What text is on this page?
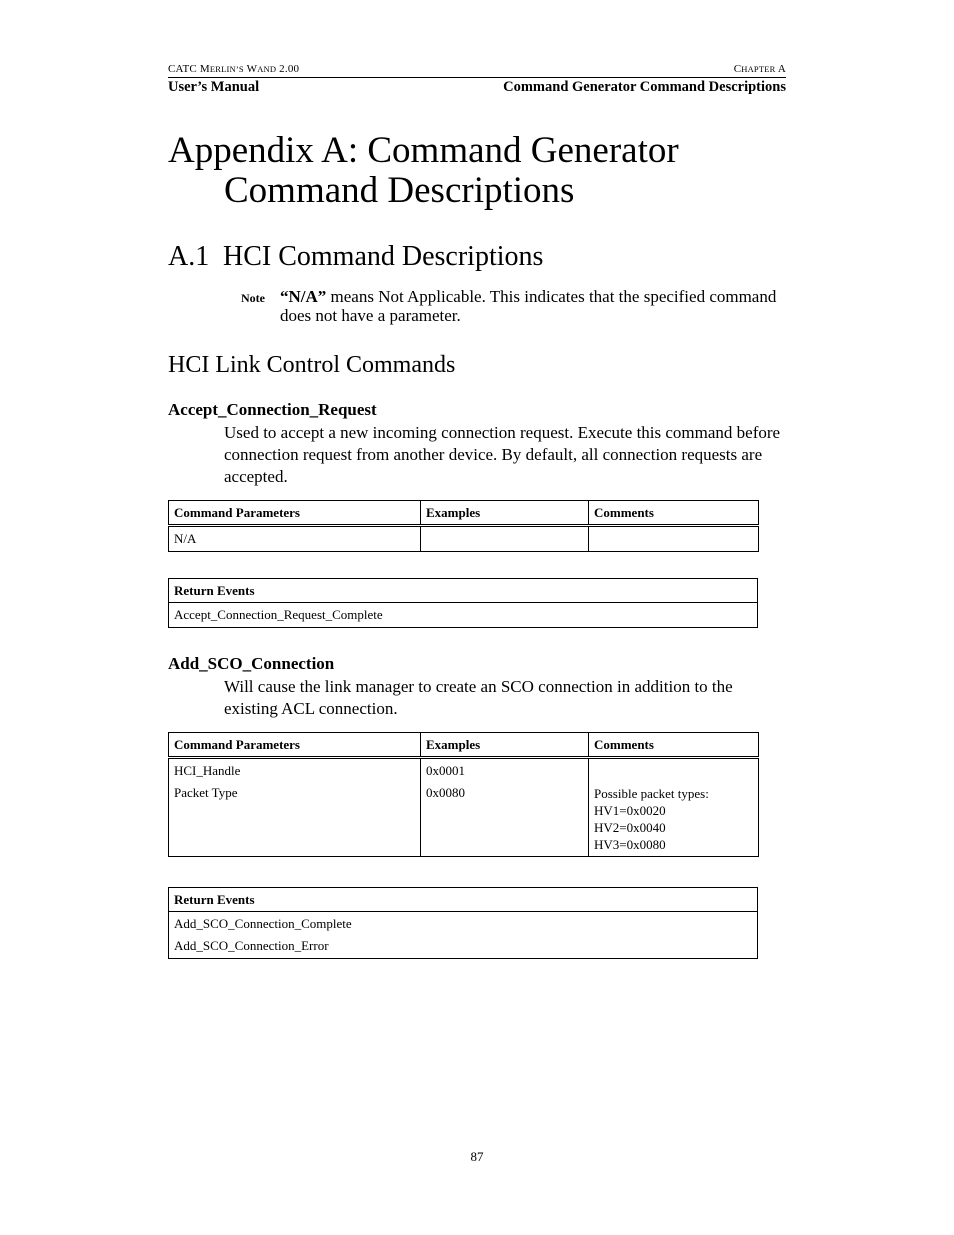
CATC MERLIN’S WAND 2.00	CHAPTER A
User’s Manual	Command Generator Command Descriptions
Appendix A: Command Generator
Command Descriptions
A.1 HCI Command Descriptions
Note “N/A” means Not Applicable. This indicates that the specified command does not have a parameter.
HCI Link Control Commands
Accept_Connection_Request
Used to accept a new incoming connection request. Execute this command before connection request from another device. By default, all connection requests are accepted.
Command Parameters	Examples	Comments
N/A		
Return Events
Accept_Connection_Request_Complete
Add_SCO_Connection
Will cause the link manager to create an SCO connection in addition to the existing ACL connection.
Command Parameters	Examples	Comments
HCI_Handle	0x0001	
Packet Type	0x0080	Possible packet types:
HV1=0x0020
HV2=0x0040
HV3=0x0080
Return Events
Add_SCO_Connection_Complete
Add_SCO_Connection_Error
87
